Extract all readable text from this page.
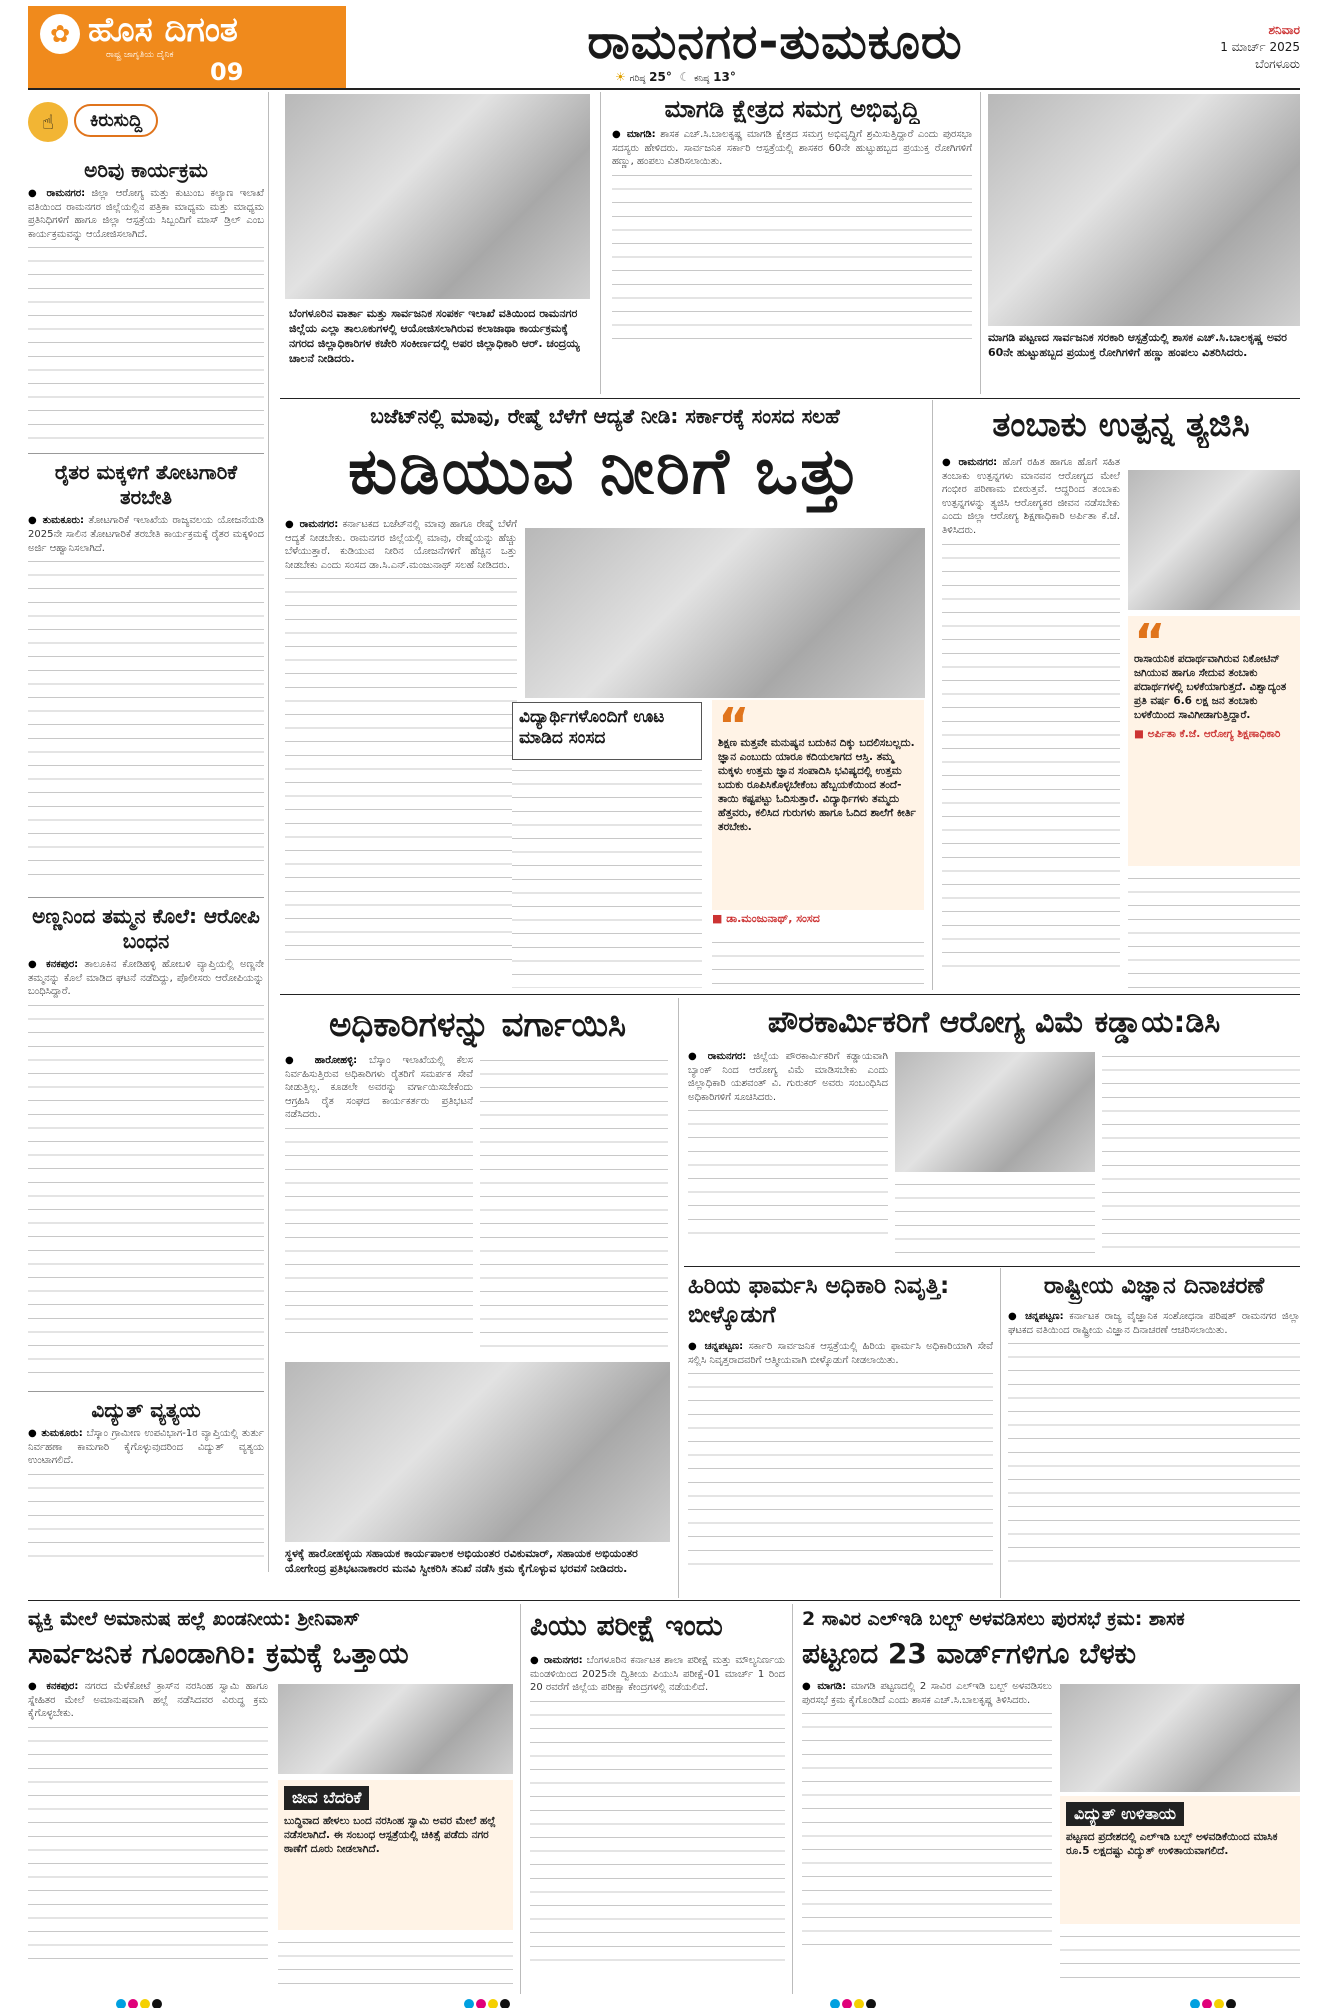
✿ ಹೊಸ ದಿಗಂತ
ರಾಷ್ಟ್ರ ಜಾಗೃತಿಯ ದೈನಿಕ
09
ರಾಮನಗರ-ತುಮಕೂರು
☀ ಗರಿಷ್ಠ 25° ☾ ಕನಿಷ್ಠ 13°
ಶನಿವಾರ
1 ಮಾರ್ಚ್ 2025
ಬೆಂಗಳೂರು
☝	ಕಿರುಸುದ್ದಿ
ಅರಿವು ಕಾರ್ಯಕ್ರಮ
● ರಾಮನಗರ: ಜಿಲ್ಲಾ ಆರೋಗ್ಯ ಮತ್ತು ಕುಟುಂಬ ಕಲ್ಯಾಣ ಇಲಾಖೆ ವತಿಯಿಂದ ರಾಮನಗರ ಜಿಲ್ಲೆಯಲ್ಲಿನ ಪತ್ರಿಕಾ ಮಾಧ್ಯಮ ಮತ್ತು ಮಾಧ್ಯಮ ಪ್ರತಿನಿಧಿಗಳಿಗೆ ಹಾಗೂ ಜಿಲ್ಲಾ ಆಸ್ಪತ್ರೆಯ ಸಿಬ್ಬಂದಿಗೆ ಮಾಸ್ ಡ್ರಿಲ್ ಎಂಬ ಕಾರ್ಯಕ್ರಮವನ್ನು ಆಯೋಜಿಸಲಾಗಿದೆ.
ರೈತರ ಮಕ್ಕಳಿಗೆ ತೋಟಗಾರಿಕೆ ತರಬೇತಿ
● ತುಮಕೂರು: ತೋಟಗಾರಿಕೆ ಇಲಾಖೆಯ ರಾಜ್ಯವಲಯ ಯೋಜನೆಯಡಿ 2025ನೇ ಸಾಲಿನ ತೋಟಗಾರಿಕೆ ತರಬೇತಿ ಕಾರ್ಯಕ್ರಮಕ್ಕೆ ರೈತರ ಮಕ್ಕಳಿಂದ ಅರ್ಜಿ ಆಹ್ವಾನಿಸಲಾಗಿದೆ.
ಅಣ್ಣನಿಂದ ತಮ್ಮನ ಕೊಲೆ: ಆರೋಪಿ ಬಂಧನ
● ಕನಕಪುರ: ತಾಲೂಕಿನ ಕೋಡಿಹಳ್ಳಿ ಹೋಬಳಿ ವ್ಯಾಪ್ತಿಯಲ್ಲಿ ಅಣ್ಣನೇ ತಮ್ಮನನ್ನು ಕೊಲೆ ಮಾಡಿದ ಘಟನೆ ನಡೆದಿದ್ದು, ಪೊಲೀಸರು ಆರೋಪಿಯನ್ನು ಬಂಧಿಸಿದ್ದಾರೆ.
ವಿದ್ಯುತ್ ವ್ಯತ್ಯಯ
● ತುಮಕೂರು: ಬೆಸ್ಕಾಂ ಗ್ರಾಮೀಣ ಉಪವಿಭಾಗ-1ರ ವ್ಯಾಪ್ತಿಯಲ್ಲಿ ತುರ್ತು ನಿರ್ವಹಣಾ ಕಾಮಗಾರಿ ಕೈಗೊಳ್ಳುವುದರಿಂದ ವಿದ್ಯುತ್ ವ್ಯತ್ಯಯ ಉಂಟಾಗಲಿದೆ.
ಬೆಂಗಳೂರಿನ ವಾರ್ತಾ ಮತ್ತು ಸಾರ್ವಜನಿಕ ಸಂಪರ್ಕ ಇಲಾಖೆ ವತಿಯಿಂದ ರಾಮನಗರ ಜಿಲ್ಲೆಯ ಎಲ್ಲಾ ತಾಲೂಕುಗಳಲ್ಲಿ ಆಯೋಜಿಸಲಾಗಿರುವ ಕಲಾಜಾಥಾ ಕಾರ್ಯಕ್ರಮಕ್ಕೆ ನಗರದ ಜಿಲ್ಲಾಧಿಕಾರಿಗಳ ಕಚೇರಿ ಸಂಕೀರ್ಣದಲ್ಲಿ ಅಪರ ಜಿಲ್ಲಾಧಿಕಾರಿ ಆರ್. ಚಂದ್ರಯ್ಯ ಚಾಲನೆ ನೀಡಿದರು.
ಮಾಗಡಿ ಕ್ಷೇತ್ರದ ಸಮಗ್ರ ಅಭಿವೃದ್ಧಿ
● ಮಾಗಡಿ: ಶಾಸಕ ಎಚ್.ಸಿ.ಬಾಲಕೃಷ್ಣ ಮಾಗಡಿ ಕ್ಷೇತ್ರದ ಸಮಗ್ರ ಅಭಿವೃದ್ಧಿಗೆ ಶ್ರಮಿಸುತ್ತಿದ್ದಾರೆ ಎಂದು ಪುರಸಭಾ ಸದಸ್ಯರು ಹೇಳಿದರು. ಸಾರ್ವಜನಿಕ ಸರ್ಕಾರಿ ಆಸ್ಪತ್ರೆಯಲ್ಲಿ ಶಾಸಕರ 60ನೇ ಹುಟ್ಟುಹಬ್ಬದ ಪ್ರಯುಕ್ತ ರೋಗಿಗಳಿಗೆ ಹಣ್ಣು, ಹಂಪಲು ವಿತರಿಸಲಾಯಿತು.
ಮಾಗಡಿ ಪಟ್ಟಣದ ಸಾರ್ವಜನಿಕ ಸರಕಾರಿ ಆಸ್ಪತ್ರೆಯಲ್ಲಿ ಶಾಸಕ ಎಚ್.ಸಿ.ಬಾಲಕೃಷ್ಣ ಅವರ 60ನೇ ಹುಟ್ಟುಹಬ್ಬದ ಪ್ರಯುಕ್ತ ರೋಗಿಗಳಿಗೆ ಹಣ್ಣು ಹಂಪಲು ವಿತರಿಸಿದರು.
ಬಜೆಟ್‌ನಲ್ಲಿ ಮಾವು, ರೇಷ್ಮೆ ಬೆಳೆಗೆ ಆದ್ಯತೆ ನೀಡಿ: ಸರ್ಕಾರಕ್ಕೆ ಸಂಸದ ಸಲಹೆ
ಕುಡಿಯುವ ನೀರಿಗೆ ಒತ್ತು
● ರಾಮನಗರ: ಕರ್ನಾಟಕದ ಬಜೆಟ್‌ನಲ್ಲಿ ಮಾವು ಹಾಗೂ ರೇಷ್ಮೆ ಬೆಳೆಗೆ ಆದ್ಯತೆ ನೀಡಬೇಕು. ರಾಮನಗರ ಜಿಲ್ಲೆಯಲ್ಲಿ ಮಾವು, ರೇಷ್ಮೆಯನ್ನು ಹೆಚ್ಚು ಬೆಳೆಯುತ್ತಾರೆ. ಕುಡಿಯುವ ನೀರಿನ ಯೋಜನೆಗಳಿಗೆ ಹೆಚ್ಚಿನ ಒತ್ತು ನೀಡಬೇಕು ಎಂದು ಸಂಸದ ಡಾ.ಸಿ.ಎನ್.ಮಂಜುನಾಥ್ ಸಲಹೆ ನೀಡಿದರು.
ವಿದ್ಯಾರ್ಥಿಗಳೊಂದಿಗೆ ಊಟ ಮಾಡಿದ ಸಂಸದ	“
ಶಿಕ್ಷಣ ಮತ್ತವೇ ಮನುಷ್ಯನ ಬದುಕಿನ ದಿಕ್ಕು ಬದಲಿಸಬಲ್ಲದು. ಜ್ಞಾನ ಎಂಬುದು ಯಾರೂ ಕದಿಯಲಾಗದ ಆಸ್ತಿ. ತಮ್ಮ ಮಕ್ಕಳು ಉತ್ತಮ ಜ್ಞಾನ ಸಂಪಾದಿಸಿ ಭವಿಷ್ಯದಲ್ಲಿ ಉತ್ತಮ ಬದುಕು ರೂಪಿಸಿಕೊಳ್ಳಬೇಕೆಂಬ ಹೆಬ್ಬಯಕೆಯಿಂದ ತಂದೆ-ತಾಯಿ ಕಷ್ಟಪಟ್ಟು ಓದಿಸುತ್ತಾರೆ. ವಿದ್ಯಾರ್ಥಿಗಳು ತಮ್ಮದು ಹೆತ್ತವರು, ಕಲಿಸಿದ ಗುರುಗಳು ಹಾಗೂ ಓದಿದ ಶಾಲೆಗೆ ಕೀರ್ತಿ ತರಬೇಕು.
■ ಡಾ.ಮಂಜುನಾಥ್, ಸಂಸದ
ತಂಬಾಕು ಉತ್ಪನ್ನ ತ್ಯಜಿಸಿ
● ರಾಮನಗರ: ಹೊಗೆ ರಹಿತ ಹಾಗೂ ಹೊಗೆ ಸಹಿತ ತಂಬಾಕು ಉತ್ಪನ್ನಗಳು ಮಾನವನ ಆರೋಗ್ಯದ ಮೇಲೆ ಗಂಭೀರ ಪರಿಣಾಮ ಬೀರುತ್ತವೆ. ಆದ್ದರಿಂದ ತಂಬಾಕು ಉತ್ಪನ್ನಗಳನ್ನು ತ್ಯಜಿಸಿ ಆರೋಗ್ಯಕರ ಜೀವನ ನಡೆಸಬೇಕು ಎಂದು ಜಿಲ್ಲಾ ಆರೋಗ್ಯ ಶಿಕ್ಷಣಾಧಿಕಾರಿ ಅರ್ಪಿತಾ ಕೆ.ಜೆ. ತಿಳಿಸಿದರು.
“
ರಾಸಾಯನಿಕ ಪದಾರ್ಥವಾಗಿರುವ ನಿಕೋಟಿನ್ ಜಗಿಯುವ ಹಾಗೂ ಸೇದುವ ತಂಬಾಕು ಪದಾರ್ಥಗಳಲ್ಲಿ ಬಳಕೆಯಾಗುತ್ತದೆ. ವಿಶ್ವಾದ್ಯಂತ ಪ್ರತಿ ವರ್ಷ 6.6 ಲಕ್ಷ ಜನ ತಂಬಾಕು ಬಳಕೆಯಿಂದ ಸಾವಿಗೀಡಾಗುತ್ತಿದ್ದಾರೆ.
■ ಅರ್ಪಿತಾ ಕೆ.ಜೆ. ಆರೋಗ್ಯ ಶಿಕ್ಷಣಾಧಿಕಾರಿ
ಅಧಿಕಾರಿಗಳನ್ನು ವರ್ಗಾಯಿಸಿ
● ಹಾರೋಹಳ್ಳಿ: ಬೆಸ್ಕಾಂ ಇಲಾಖೆಯಲ್ಲಿ ಕೆಲಸ ನಿರ್ವಹಿಸುತ್ತಿರುವ ಅಧಿಕಾರಿಗಳು ರೈತರಿಗೆ ಸಮರ್ಪಕ ಸೇವೆ ನೀಡುತ್ತಿಲ್ಲ. ಕೂಡಲೇ ಅವರನ್ನು ವರ್ಗಾಯಿಸಬೇಕೆಂದು ಆಗ್ರಹಿಸಿ ರೈತ ಸಂಘದ ಕಾರ್ಯಕರ್ತರು ಪ್ರತಿಭಟನೆ ನಡೆಸಿದರು.
ಸ್ಥಳಕ್ಕೆ ಹಾರೋಹಳ್ಳಿಯ ಸಹಾಯಕ ಕಾರ್ಯಪಾಲಕ ಅಭಿಯಂತರ ರವಿಕುಮಾರ್, ಸಹಾಯಕ ಅಭಿಯಂತರ ಯೋಗೇಂದ್ರ ಪ್ರತಿಭಟನಾಕಾರರ ಮನವಿ ಸ್ವೀಕರಿಸಿ ತನಿಖೆ ನಡೆಸಿ ಕ್ರಮ ಕೈಗೊಳ್ಳುವ ಭರವಸೆ ನೀಡಿದರು.
ಪೌರಕಾರ್ಮಿಕರಿಗೆ ಆರೋಗ್ಯ ವಿಮೆ ಕಡ್ಡಾಯ:ಡಿಸಿ
● ರಾಮನಗರ: ಜಿಲ್ಲೆಯ ಪೌರಕಾರ್ಮಿಕರಿಗೆ ಕಡ್ಡಾಯವಾಗಿ ಬ್ಯಾಂಕ್ ನಿಂದ ಆರೋಗ್ಯ ವಿಮೆ ಮಾಡಿಸಬೇಕು ಎಂದು ಜಿಲ್ಲಾಧಿಕಾರಿ ಯಶವಂತ್ ವಿ. ಗುರುಕರ್ ಅವರು ಸಂಬಂಧಿಸಿದ ಅಧಿಕಾರಿಗಳಿಗೆ ಸೂಚಿಸಿದರು.
ಹಿರಿಯ ಫಾರ್ಮಸಿ ಅಧಿಕಾರಿ ನಿವೃತ್ತಿ: ಬೀಳ್ಕೊಡುಗೆ
● ಚನ್ನಪಟ್ಟಣ: ಸರ್ಕಾರಿ ಸಾರ್ವಜನಿಕ ಆಸ್ಪತ್ರೆಯಲ್ಲಿ ಹಿರಿಯ ಫಾರ್ಮಸಿ ಅಧಿಕಾರಿಯಾಗಿ ಸೇವೆ ಸಲ್ಲಿಸಿ ನಿವೃತ್ತರಾದವರಿಗೆ ಆತ್ಮೀಯವಾಗಿ ಬೀಳ್ಕೊಡುಗೆ ನೀಡಲಾಯಿತು.
ರಾಷ್ಟ್ರೀಯ ವಿಜ್ಞಾನ ದಿನಾಚರಣೆ
● ಚನ್ನಪಟ್ಟಣ: ಕರ್ನಾಟಕ ರಾಜ್ಯ ವೈಜ್ಞಾನಿಕ ಸಂಶೋಧನಾ ಪರಿಷತ್ ರಾಮನಗರ ಜಿಲ್ಲಾ ಘಟಕದ ವತಿಯಿಂದ ರಾಷ್ಟ್ರೀಯ ವಿಜ್ಞಾನ ದಿನಾಚರಣೆ ಆಚರಿಸಲಾಯಿತು.
ವ್ಯಕ್ತಿ ಮೇಲೆ ಅಮಾನುಷ ಹಲ್ಲೆ ಖಂಡನೀಯ: ಶ್ರೀನಿವಾಸ್
ಸಾರ್ವಜನಿಕ ಗೂಂಡಾಗಿರಿ: ಕ್ರಮಕ್ಕೆ ಒತ್ತಾಯ
● ಕನಕಪುರ: ನಗರದ ಮೆಳೆಕೋಟೆ ಕ್ರಾಸ್‌ನ ನರಸಿಂಹ ಸ್ವಾಮಿ ಹಾಗೂ ಸ್ನೇಹಿತರ ಮೇಲೆ ಅಮಾನುಷವಾಗಿ ಹಲ್ಲೆ ನಡೆಸಿದವರ ವಿರುದ್ಧ ಕ್ರಮ ಕೈಗೊಳ್ಳಬೇಕು.
ಜೀವ ಬೆದರಿಕೆ
ಬುದ್ಧಿವಾದ ಹೇಳಲು ಬಂದ ನರಸಿಂಹ ಸ್ವಾಮಿ ಅವರ ಮೇಲೆ ಹಲ್ಲೆ ನಡೆಸಲಾಗಿದೆ. ಈ ಸಂಬಂಧ ಆಸ್ಪತ್ರೆಯಲ್ಲಿ ಚಿಕಿತ್ಸೆ ಪಡೆದು ನಗರ ಠಾಣೆಗೆ ದೂರು ನೀಡಲಾಗಿದೆ.
ಪಿಯು ಪರೀಕ್ಷೆ ಇಂದು
● ರಾಮನಗರ: ಬೆಂಗಳೂರಿನ ಕರ್ನಾಟಕ ಶಾಲಾ ಪರೀಕ್ಷೆ ಮತ್ತು ಮೌಲ್ಯನಿರ್ಣಯ ಮಂಡಳಿಯಿಂದ 2025ನೇ ದ್ವಿತೀಯ ಪಿಯುಸಿ ಪರೀಕ್ಷೆ-01 ಮಾರ್ಚ್ 1 ರಿಂದ 20 ರವರೆಗೆ ಜಿಲ್ಲೆಯ ಪರೀಕ್ಷಾ ಕೇಂದ್ರಗಳಲ್ಲಿ ನಡೆಯಲಿದೆ.
2 ಸಾವಿರ ಎಲ್‌ಇಡಿ ಬಲ್ಬ್ ಅಳವಡಿಸಲು ಪುರಸಭೆ ಕ್ರಮ: ಶಾಸಕ
ಪಟ್ಟಣದ 23 ವಾರ್ಡ್‌ಗಳಿಗೂ ಬೆಳಕು
● ಮಾಗಡಿ: ಮಾಗಡಿ ಪಟ್ಟಣದಲ್ಲಿ 2 ಸಾವಿರ ಎಲ್‌ಇಡಿ ಬಲ್ಬ್ ಅಳವಡಿಸಲು ಪುರಸಭೆ ಕ್ರಮ ಕೈಗೊಂಡಿದೆ ಎಂದು ಶಾಸಕ ಎಚ್.ಸಿ.ಬಾಲಕೃಷ್ಣ ತಿಳಿಸಿದರು.
ವಿದ್ಯುತ್ ಉಳಿತಾಯ
ಪಟ್ಟಣದ ಪ್ರದೇಶದಲ್ಲಿ ಎಲ್‌ಇಡಿ ಬಲ್ಬ್ ಅಳವಡಿಕೆಯಿಂದ ಮಾಸಿಕ ರೂ.5 ಲಕ್ಷದಷ್ಟು ವಿದ್ಯುತ್ ಉಳಿತಾಯವಾಗಲಿದೆ.
